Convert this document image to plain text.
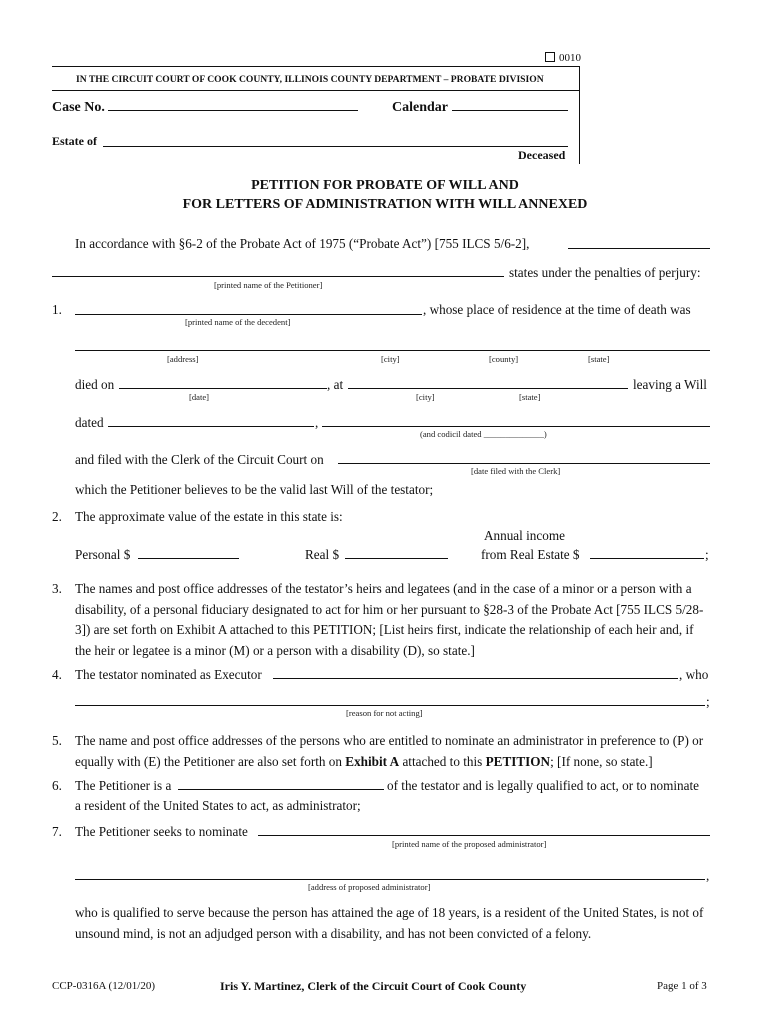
0010
IN THE CIRCUIT COURT OF COOK COUNTY, ILLINOIS COUNTY DEPARTMENT – PROBATE DIVISION
Case No.	Calendar
Estate of
Deceased
PETITION FOR PROBATE OF WILL AND
FOR LETTERS OF ADMINISTRATION WITH WILL ANNEXED
In accordance with §6-2 of the Probate Act of 1975 (“Probate Act”) [755 ILCS 5/6-2],
states under the penalties of perjury:
[printed name of the Petitioner]
1.	, whose place of residence at the time of death was
[printed name of the decedent]
[address]	[city]	[county]	[state]
died on	, at	leaving a Will
[date]	[city]	[state]
dated	,
(and codicil dated ______________)
and filed with the Clerk of the Circuit Court on
[date filed with the Clerk]
which the Petitioner believes to be the valid last Will of the testator;
2. The approximate value of the estate in this state is:
Annual income
Personal $	Real $	from Real Estate $	;
3. The names and post office addresses of the testator’s heirs and legatees (and in the case of a minor or a person with a disability, of a personal fiduciary designated to act for him or her pursuant to §28-3 of the Probate Act [755 ILCS 5/28-3]) are set forth on Exhibit A attached to this PETITION; [List heirs first, indicate the relationship of each heir and, if the heir or legatee is a minor (M) or a person with a disability (D), so state.]
4. The testator nominated as Executor	, who
;
[reason for not acting]
5. The name and post office addresses of the persons who are entitled to nominate an administrator in preference to (P) or equally with (E) the Petitioner are also set forth on Exhibit A attached to this PETITION; [If none, so state.]
6. The Petitioner is a	of the testator and is legally qualified to act, or to nominate
a resident of the United States to act, as administrator;
7. The Petitioner seeks to nominate
[printed name of the proposed administrator]
,
[address of proposed administrator]
who is qualified to serve because the person has attained the age of 18 years, is a resident of the United States, is not of unsound mind, is not an adjudged person with a disability, and has not been convicted of a felony.
CCP-0316A (12/01/20)	Iris Y. Martinez, Clerk of the Circuit Court of Cook County	Page 1 of 3
